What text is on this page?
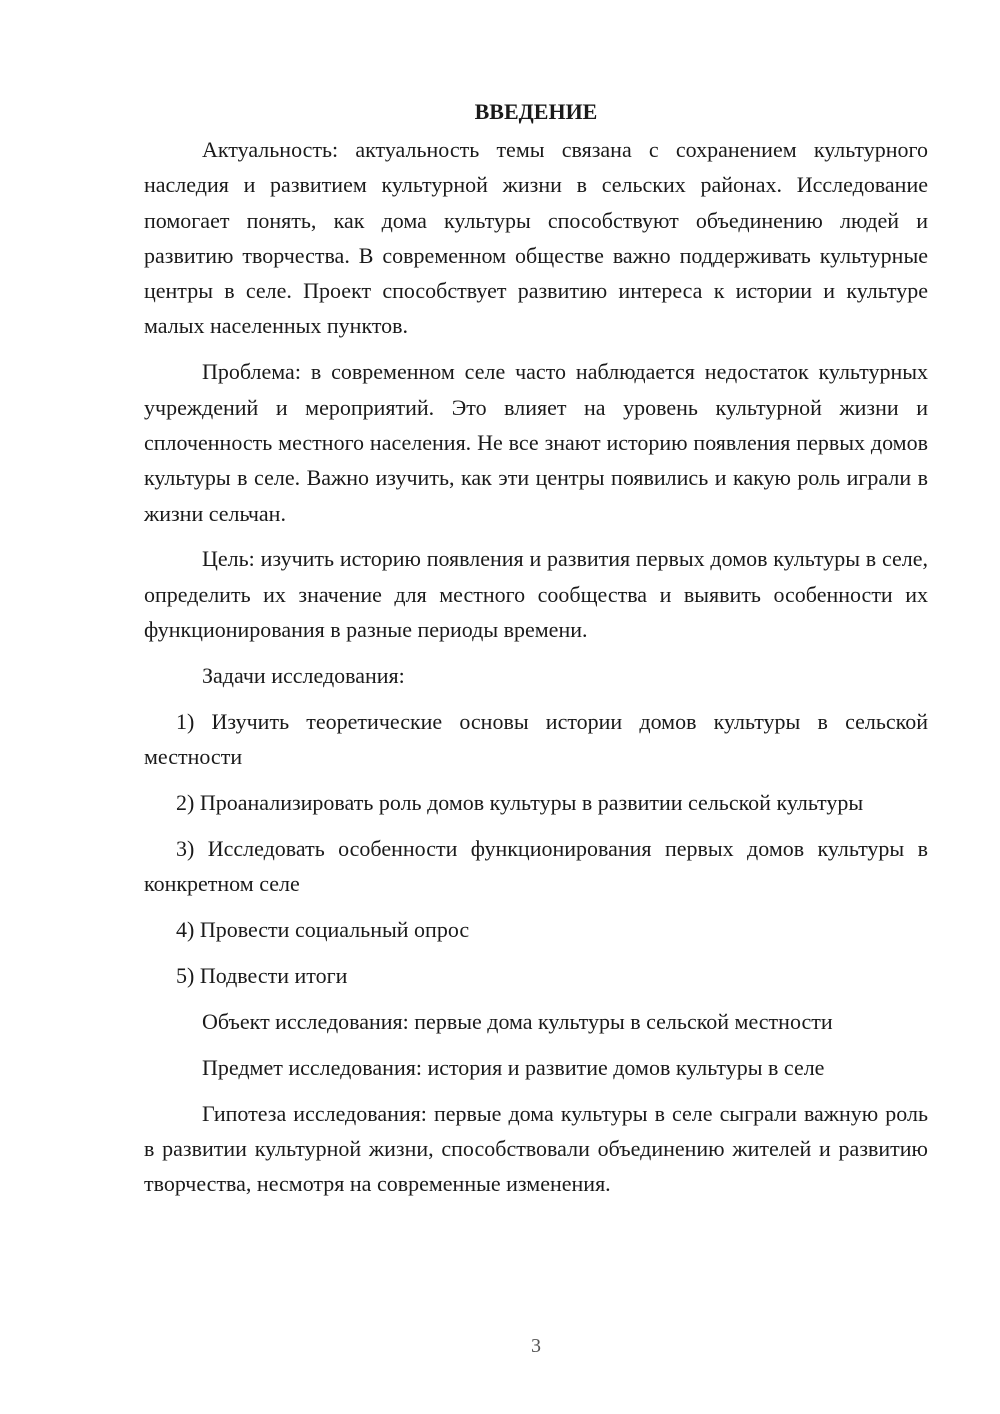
ВВЕДЕНИЕ

Актуальность: актуальность темы связана с сохранением культурного наследия и развитием культурной жизни в сельских районах. Исследование помогает понять, как дома культуры способствуют объединению людей и развитию творчества. В современном обществе важно поддерживать культурные центры в селе. Проект способствует развитию интереса к истории и культуре малых населенных пунктов.

Проблема: в современном селе часто наблюдается недостаток культурных учреждений и мероприятий. Это влияет на уровень культурной жизни и сплоченность местного населения. Не все знают историю появления первых домов культуры в селе. Важно изучить, как эти центры появились и какую роль играли в жизни сельчан.

Цель: изучить историю появления и развития первых домов культуры в селе, определить их значение для местного сообщества и выявить особенности их функционирования в разные периоды времени.

Задачи исследования:

1) Изучить теоретические основы истории домов культуры в сельской местности

2) Проанализировать роль домов культуры в развитии сельской культуры

3) Исследовать особенности функционирования первых домов культуры в конкретном селе

4) Провести социальный опрос

5) Подвести итоги

Объект исследования: первые дома культуры в сельской местности

Предмет исследования: история и развитие домов культуры в селе

Гипотеза исследования: первые дома культуры в селе сыграли важную роль в развитии культурной жизни, способствовали объединению жителей и развитию творчества, несмотря на современные изменения.

3
